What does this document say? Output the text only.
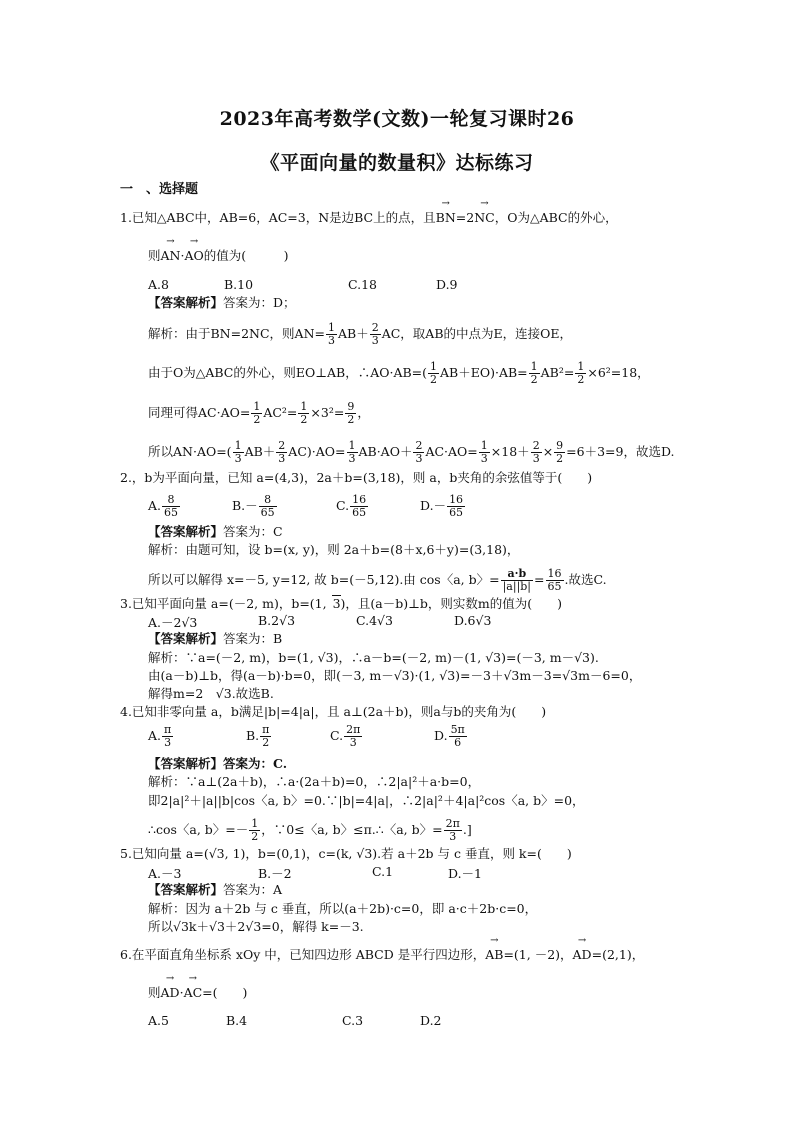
2023年高考数学(文数)一轮复习课时26
《平面向量的数量积》达标练习
一　、选择题
1.已知△ABC中，AB=6，AC=3，N是边BC上的点，且→ BN=2→ NC，O为△ABC的外心，
则→ AN·→ AO的值为(　　　)
A.8	B.10	C.18	D.9
【答案解析】答案为：D；
解析：由于BN=2NC，则$AN= \frac{1}{3} AB+ \frac{2}{3}$ AC，取AB的中点为E，连接OE，
由于O为△ABC的外心，则EO⊥AB，∴AO·AB=( $\frac{1}{2} AB+EO)\cdot AB= \frac{1}{2} AB^2= \frac{1}{2} \times 6^2=18$，
同理可得$AC\cdot AO= \frac{1}{2} AC^2= \frac{1}{2} \times 3^2= \frac{9}{2}$ ，
所以$AN\cdot AO=( \frac{1}{3} AB+ \frac{2}{3} AC)\cdot AO= \frac{1}{3} AB\cdot AO+ \frac{2}{3} AC\cdot AO= \frac{1}{3} \times 18+ \frac{2}{3} \times \frac{9}{2} =6+3=9$，故选D.
2.，b为平面向量，已知 a=(4,3)，2a＋b=(3,18)，则 a，b夹角的余弦值等于(　　)
A. $\frac{8}{65}$	$B.- \frac{8}{65}$	C. $\frac{16}{65}$	$D.- \frac{16}{65}$
【答案解析】答案为：C
解析：由题可知，设 b=(x, y)，则 2a＋b=(8＋x,6＋y)=(3,18)，
所以可以解得 x=－5, y=12, 故 b=(－5,12).由 cos〈a, b〉= $\frac{a\cdot b}{|a||b|} = \frac{16}{65}$ .故选C.
3.已知平面向量 a=(－2, m)，b=(1, 3)，且(a－b)⊥b，则实数m的值为(　　)
A.－2√3	B.2√3	C.4√3	D.6√3
【答案解析】答案为：B
解析：∵a=(－2, m)，b=(1, √3)，∴a－b=(－2, m)－(1, √3)=(－3, m－√3).
由(a－b)⊥b，得(a－b)·b=0，即(－3, m－√3)·(1, √3)=－3＋√3m－3=√3m－6=0，
解得m=2　√3.故选B.
4.已知非零向量 a，b满足|b|=4|a|，且 a⊥(2a＋b)，则a与b的夹角为(　　)
A. $\frac{\pi}{3}$	B. $\frac{\pi}{2}$	C. $\frac{2\pi}{3}$	D. $\frac{5\pi}{6}$
【答案解析】答案为：C.
解析：∵a⊥(2a＋b)，∴a·(2a＋b)=0，∴2|a|²＋a·b=0，
即2|a|²＋|a||b|cos〈a, b〉=0.∵|b|=4|a|，∴2|a|²＋4|a|²cos〈a, b〉=0，
∴cos〈a, b〉=－ $\frac{1}{2}$ ，∵0≤〈a, b〉≤π.∴〈a, b〉= $\frac{2\pi}{3}$ .]
5.已知向量 a=(√3, 1)，b=(0,1)，c=(k, √3).若 a＋2b 与 c 垂直，则 k=(　　)
A.－3	B.－2	C.1	D.－1
【答案解析】答案为：A
解析：因为 a＋2b 与 c 垂直，所以(a＋2b)·c=0，即 a·c＋2b·c=0，
所以√3k＋√3＋2√3=0，解得 k=－3.
6.在平面直角坐标系 xOy 中，已知四边形 ABCD 是平行四边形，→ AB=(1, －2)，→ AD=(2,1)，
则→ AD·→ AC=(　　)
A.5	B.4	C.3	D.2
